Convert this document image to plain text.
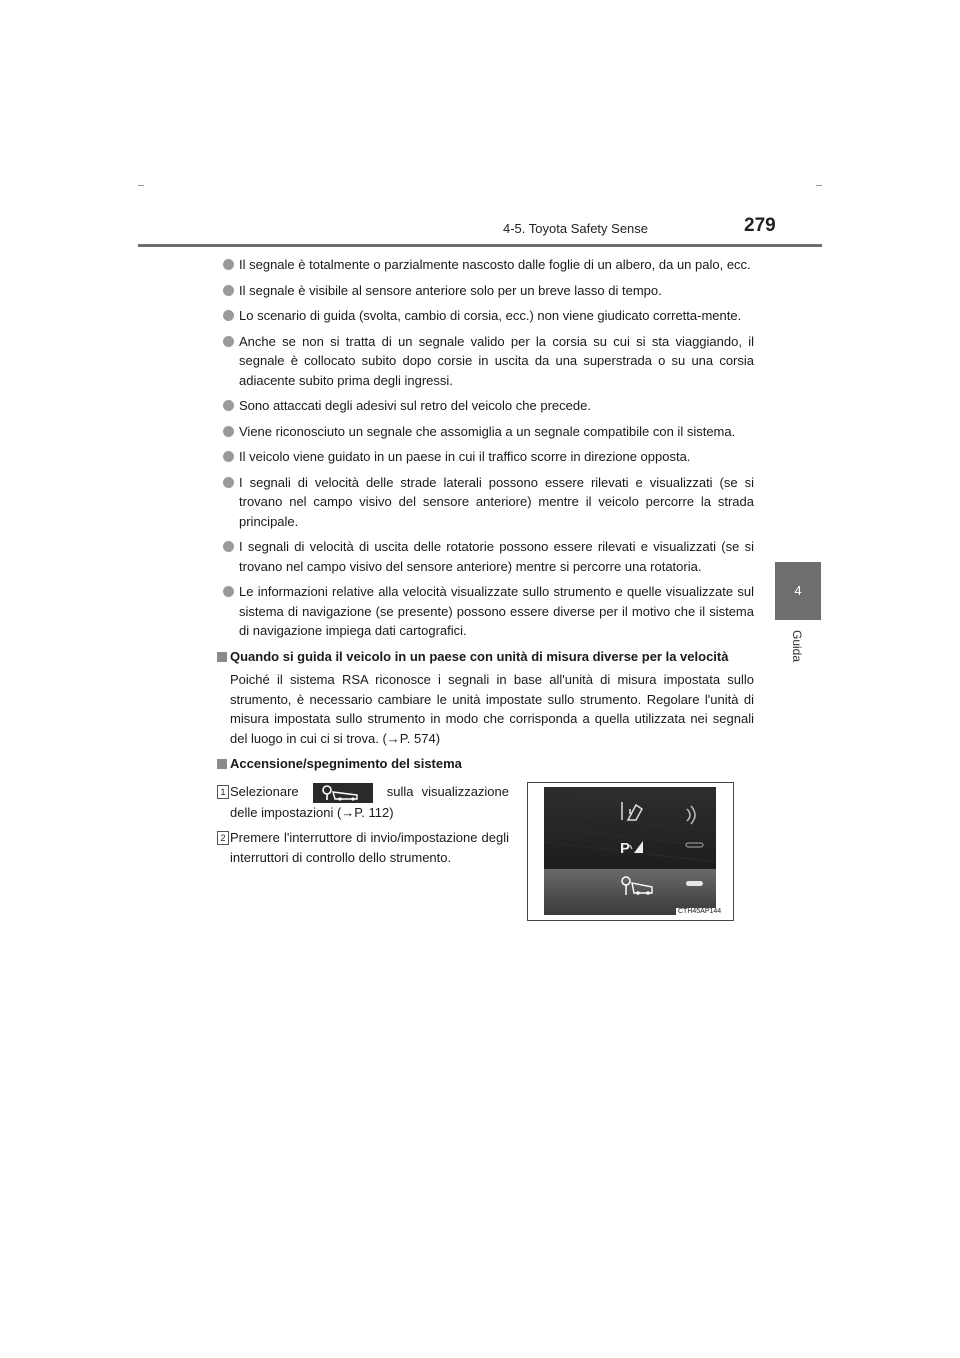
4-5. Toyota Safety Sense	279
4
Guida
Il segnale è totalmente o parzialmente nascosto dalle foglie di un albero, da un palo, ecc.
Il segnale è visibile al sensore anteriore solo per un breve lasso di tempo.
Lo scenario di guida (svolta, cambio di corsia, ecc.) non viene giudicato corretta-mente.
Anche se non si tratta di un segnale valido per la corsia su cui si sta viaggiando, il segnale è collocato subito dopo corsie in uscita da una superstrada o su una corsia adiacente subito prima degli ingressi.
Sono attaccati degli adesivi sul retro del veicolo che precede.
Viene riconosciuto un segnale che assomiglia a un segnale compatibile con il sistema.
Il veicolo viene guidato in un paese in cui il traffico scorre in direzione opposta.
I segnali di velocità delle strade laterali possono essere rilevati e visualizzati (se si trovano nel campo visivo del sensore anteriore) mentre il veicolo percorre la strada principale.
I segnali di velocità di uscita delle rotatorie possono essere rilevati e visualizzati (se si trovano nel campo visivo del sensore anteriore) mentre si percorre una rotatoria.
Le informazioni relative alla velocità visualizzate sullo strumento e quelle visualizzate sul sistema di navigazione (se presente) possono essere diverse per il motivo che il sistema di navigazione impiega dati cartografici.
Quando si guida il veicolo in un paese con unità di misura diverse per la velocità
Poiché il sistema RSA riconosce i segnali in base all'unità di misura impostata sullo strumento, è necessario cambiare le unità impostate sullo strumento. Regolare l'unità di misura impostata sullo strumento in modo che corrisponda a quella utilizzata nei segnali del luogo in cui ci si trova. (→P. 574)
Accensione/spegnimento del sistema
1 Selezionare	sulla visualizzazione delle impostazioni (→P. 112)
2 Premere l'interruttore di invio/impostazione degli interruttori di controllo dello strumento.
P
CTH45AP144
